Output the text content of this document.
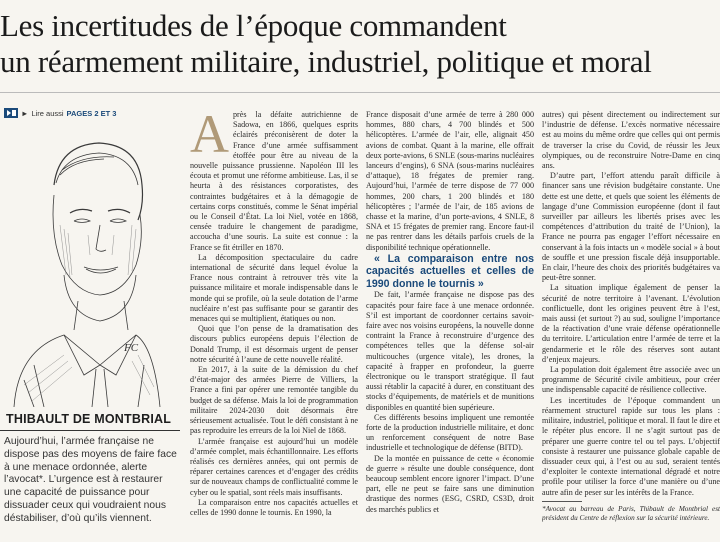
Les incertitudes de l’époque commandent
un réarmement militaire, industriel, politique et moral
► Lire aussi PAGES 2 ET 3
FC
THIBAULT DE MONTBRIAL
Aujourd’hui, l’armée française ne dispose pas des moyens de faire face à une menace ordonnée, alerte l’avocat*. L’urgence est à restaurer une capacité de puissance pour dissuader ceux qui voudraient nous déstabiliser, d’où qu’ils viennent.
A près la défaite autrichienne de Sadowa, en 1866, quelques esprits éclairés préconisèrent de doter la France d’une armée suffisamment étoffée pour être au niveau de la nouvelle puissance prussienne. Napoléon III les écouta et promut une réforme ambitieuse. Las, il se heurta à des résistances corporatistes, des contraintes budgétaires et à la démagogie de certains corps constitués, comme le Sénat impérial ou le Conseil d’État. La loi Niel, votée en 1868, censée traduire le changement de paradigme, accoucha d’une souris. La suite est connue : la France se fit étriller en 1870.

La décomposition spectaculaire du cadre international de sécurité dans lequel évolue la France nous contraint à retrouver très vite la puissance militaire et morale indispensable dans le monde qui se profile, où la seule dotation de l’arme nucléaire n’est pas suffisante pour se garantir des menaces qui se multiplient, étatiques ou non.

Quoi que l’on pense de la dramatisation des discours publics européens depuis l’élection de Donald Trump, il est désormais urgent de penser notre sécurité à l’aune de cette nouvelle réalité.

En 2017, à la suite de la démission du chef d’état-major des armées Pierre de Villiers, la France a fini par opérer une remontée tangible du budget de sa défense. Mais la loi de programmation militaire 2024-2030 doit désormais être sérieusement actualisée. Tout le défi consistant à ne pas reproduire les erreurs de la loi Niel de 1868.

L’armée française est aujourd’hui un modèle d’armée complet, mais échantillonnaire. Les efforts réalisés ces dernières années, qui ont permis de réparer certaines carences et d’engager des crédits sur de nouveaux champs de conflictualité comme le cyber ou le spatial, sont réels mais insuffisants.

La comparaison entre nos capacités actuelles et celles de 1990 donne le tournis. En 1990, la

France disposait d’une armée de terre à 280 000 hommes, 880 chars, 4 700 blindés et 500 hélicoptères. L’armée de l’air, elle, alignait 450 avions de combat. Quant à la marine, elle offrait deux porte-avions, 6 SNLE (sous-marins nucléaires lanceurs d’engins), 6 SNA (sous-marins nucléaires d’attaque), 18 frégates de premier rang. Aujourd’hui, l’armée de terre dispose de 77 000 hommes, 200 chars, 1 200 blindés et 180 hélicoptères ; l’armée de l’air, de 185 avions de chasse et la marine, d’un porte-avions, 4 SNLE, 8 SNA et 15 frégates de premier rang. Encore faut-il ne pas rentrer dans les détails parfois cruels de la disponibilité technique opérationnelle.

« La comparaison entre nos capacités actuelles et celles de 1990 donne le tournis »

De fait, l’armée française ne dispose pas des capacités pour faire face à une menace ordonnée. S’il est important de coordonner certains savoir-faire avec nos voisins européens, la nouvelle donne contraint la France à reconstruire d’urgence des compétences telles que la défense sol-air multicouches (urgence vitale), les drones, la capacité à frapper en profondeur, la guerre électronique ou le transport stratégique. Il faut aussi rétablir la capacité à durer, en constituant des stocks d’équipements, de matériels et de munitions disponibles en quantité bien supérieure.

Ces différents besoins impliquent une remontée forte de la production industrielle militaire, et donc un renforcement conséquent de notre Base industrielle et technologique de défense (BITD).

De la montée en puissance de cette « économie de guerre » résulte une double conséquence, dont beaucoup semblent encore ignorer l’impact. D’une part, elle ne peut se faire sans une diminution drastique des normes (ESG, CSRD, CS3D, droit des marchés publics et

autres) qui pèsent directement ou indirectement sur l’industrie de défense. L’excès normative nécessaire est au moins du même ordre que celles qui ont permis de traverser la crise du Covid, de réussir les Jeux olympiques, ou de reconstruire Notre-Dame en cinq ans.

D’autre part, l’effort attendu paraît difficile à financer sans une révision budgétaire constante. Une dette est une dette, et quels que soient les éléments de langage d’une Commission européenne (dont il faut surveiller par ailleurs les libertés prises avec les compétences d’attribution du traité de l’Union), la France ne pourra pas engager l’effort nécessaire en conservant à la fois intacts un « modèle social » à bout de souffle et une pression fiscale déjà insupportable. En clair, l’heure des choix des priorités budgétaires va peut-être sonner.

La situation implique également de penser la sécurité de notre territoire à l’avenant. L’évolution conflictuelle, dont les origines peuvent être à l’est, mais aussi (et surtout ?) au sud, souligne l’importance de la réactivation d’une vraie défense opérationnelle du territoire. L’articulation entre l’armée de terre et la gendarmerie et le rôle des réserves sont autant d’enjeux majeurs.

La population doit également être associée avec un programme de Sécurité civile ambitieux, pour créer une indispensable capacité de résilience collective.

Les incertitudes de l’époque commandent un réarmement structurel rapide sur tous les plans : militaire, industriel, politique et moral. Il faut le dire et le répéter plus encore. Il ne s’agit surtout pas de préparer une guerre contre tel ou tel pays. L’objectif consiste à restaurer une puissance globale capable de dissuader ceux qui, à l’est ou au sud, seraient tentés d’exploiter le contexte international dégradé et notre profile pour utiliser la force d’une manière ou d’une autre afin de peser sur les intérêts de la France.

*Avocat au barreau de Paris, Thibault de Montbrial est président du Centre de réflexion sur la sécurité intérieure.
